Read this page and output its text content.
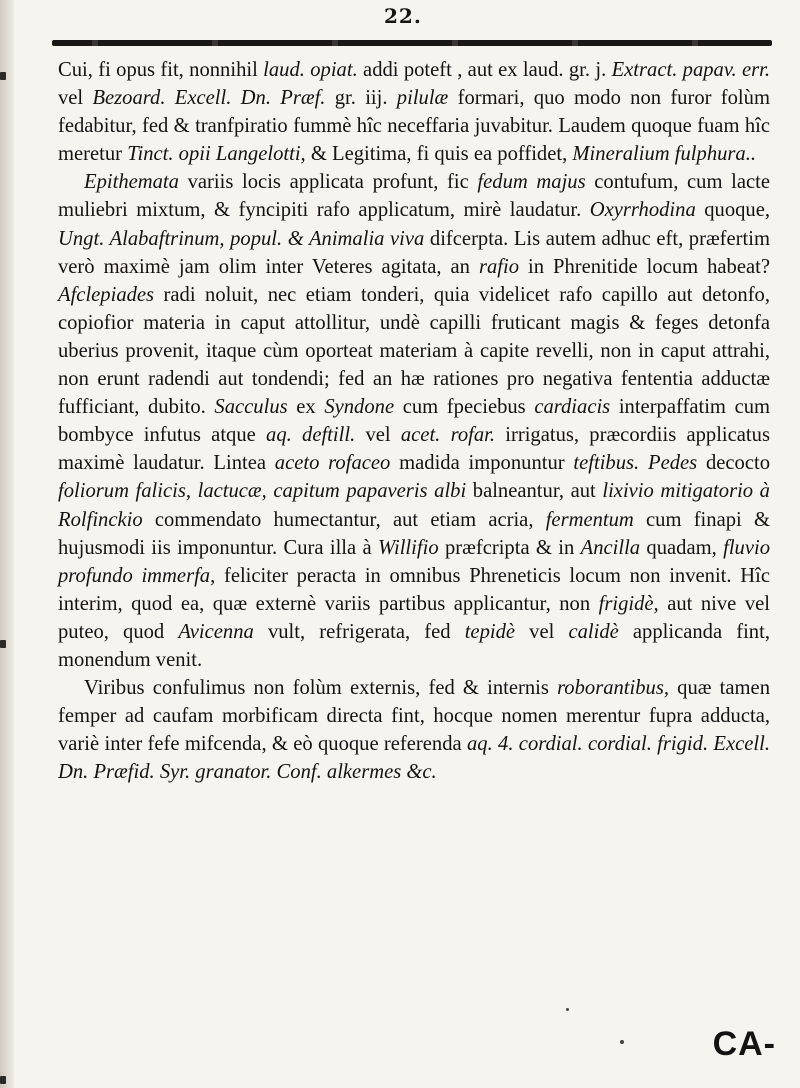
22.

Cui, fi opus fit, nonnihil laud. opiat. addi poteft , aut ex laud. gr. j. Extract. papav. err. vel Bezoard. Excell. Dn. Præf. gr. iij. pilulæ formari, quo modo non furor folùm fedabitur, fed & tranfpiratio fummè hîc neceffaria juvabitur. Laudem quoque fuam hîc meretur Tinct. opii Langelotti, & Legitima, fi quis ea poffidet, Mineralium fulphura..

Epithemata variis locis applicata profunt, fic fedum majus contufum, cum lacte muliebri mixtum, & fyncipiti rafo applicatum, mirè laudatur. Oxyrrhodina quoque, Ungt. Alabaftrinum, popul. & Animalia viva difcerpta. Lis autem adhuc eft, præfertim verò maximè jam olim inter Veteres agitata, an rafio in Phrenitide locum habeat? Afclepiades radi noluit, nec etiam tonderi, quia videlicet rafo capillo aut detonfo, copiofior materia in caput attollitur, undè capilli fruticant magis & feges detonfa uberius provenit, itaque cùm oporteat materiam à capite revelli, non in caput attrahi, non erunt radendi aut tondendi; fed an hæ rationes pro negativa fententia adductæ fufficiant, dubito. Sacculus ex Syndone cum fpeciebus cardiacis interpaffatim cum bombyce infutus atque aq. deftill. vel acet. rofar. irrigatus, præcordiis applicatus maximè laudatur. Lintea aceto rofaceo madida imponuntur teftibus. Pedes decocto foliorum falicis, lactucæ, capitum papaveris albi balneantur, aut lixivio mitigatorio à Rolfinckio commendato humectantur, aut etiam acria, fermentum cum finapi & hujusmodi iis imponuntur. Cura illa à Willifio præfcripta & in Ancilla quadam, fluvio profundo immerfa, feliciter peracta in omnibus Phreneticis locum non invenit. Hîc interim, quod ea, quæ externè variis partibus applicantur, non frigidè, aut nive vel puteo, quod Avicenna vult, refrigerata, fed tepidè vel calidè applicanda fint, monendum venit.

Viribus confulimus non folùm externis, fed & internis roborantibus, quæ tamen femper ad caufam morbificam directa fint, hocque nomen merentur fupra adducta, variè inter fefe mifcenda, & eò quoque referenda aq. 4. cordial. cordial. frigid. Excell. Dn. Præfid. Syr. granator. Conf. alkermes &c.

CA-
